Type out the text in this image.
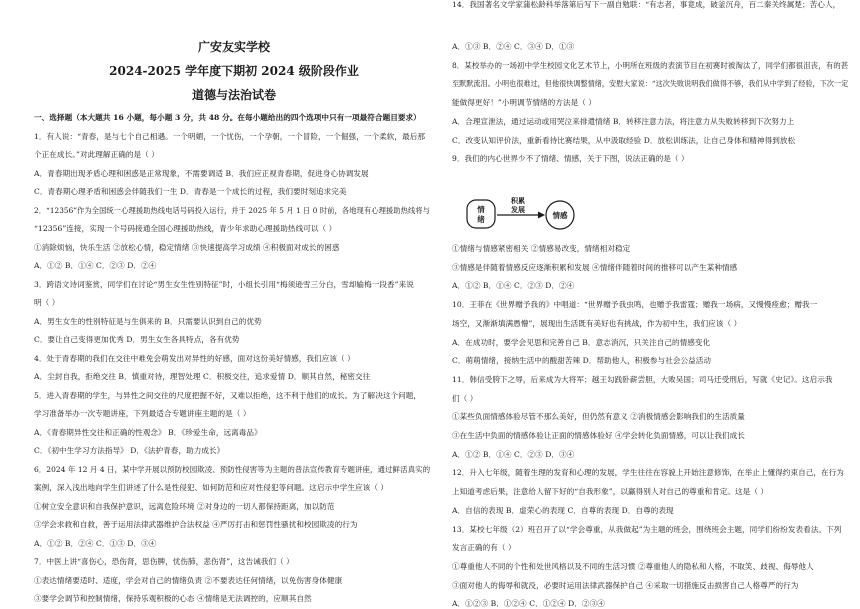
广安友实学校
2024-2025 学年度下期初 2024 级阶段作业
道德与法治试卷
一、选择题（本大题共 16 小题，每小题 3 分，共 48 分。在每小题给出的四个选项中只有一项最符合题目要求）
1．有人说：“青春，是与七个自己相遇。一个明媚，一个忧伤，一个孕朝，一个冒险，一个倔强，一个柔软，最后那
个正在成长。”对此理解正确的是（ ）
A．青春期出现矛盾心理和困惑是正常现象，不需要调适 B．我们应正视青春期，促进身心协调发展
C．青春期心理矛盾和困惑会伴随我们一生 D．青春是一个成长的过程，我们要时刻追求完美
2．“12356”作为全国统一心理援助热线电话号码投入运行，并于 2025 年 5 月 1 日 0 时前，各地现有心理援助热线将与
“12356”连接，实现一个号码接通全国心理援助热线，青少年求助心理援助热线可以（ ）
①消除烦恼，快乐生活 ②放松心情，稳定情绪 ③快速提高学习成绩 ④积极面对成长的困惑
A．①② B．①④ C．②③ D．②④
3．跨语文诗词鉴赏，同学们在讨论“男生女生性别特征”时，小组长引用“梅须逊雪三分白，雪却输梅一段香”来说
明（ ）
A．男生女生的性别特征是与生俱来的 B．只需要认识到自己的优势
C．要让自己变得更加优秀 D．男生女生各具特点，各有优势
4．处于青春期的我们在交往中难免会萌发出对异性的好感，面对这份美好情感，我们应该（ ）
A．尘封自我，拒绝交往 B．慎重对待，理智处理 C．积极交往，追求爱情 D．顺其自然，秘密交往
5．进入青春期的学生，与异性之间交往的尺度把握不好，又难以拒绝，这不利于他们的成长。为了解决这个问题，
学习准备举办一次专题讲座，下列最适合专题讲座主题的是（ ）
A．《青春期异性交往和正确的性观念》 B．《珍爱生命，远离毒品》
C．《初中生学习方法指导》 D．《法护青春，助力成长》
6．2024 年 12 月 4 日，某中学开展以预防校园欺凌、预防性侵害等为主题的普法宣传教育专题讲座，通过鲜活真实的
案例，深入浅出地向学生们讲述了什么是性侵犯、如何防范和应对性侵犯等问题。这启示中学生应该（ ）
①树立安全意识和自我保护意识，远离危险环境 ②对身边的一切人都保持距离，加以防范
③学会求救和自救，善于运用法律武器维护合法权益 ④严厉打击和惩罚性骚扰和校园欺凌的行为
A．①② B．②④ C．①③ D．③④
7．中医上讲“喜伤心，恐伤肾，思伤脾，忧伤肺，悲伤肾”，这告诫我们（ ）
①表达情绪要适时、适度，学会对自己的情绪负责 ②不要表达任何情绪，以免伤害身体健康
③要学会调节和控制情绪，保持乐观积极的心态 ④情绪是无法调控的，应顺其自然
A．①③ B．②④ C．③④ D．①③
8．某校举办的一场初中学生校园文化艺术节上，小明所在班级的表演节目在初赛时被淘汰了，同学们都很沮丧，有的甚
至默默流泪。小明也很难过，但他很快调整情绪，安慰大家说：“这次失败说明我们做得不够，我们从中学到了经验，下次一定
能做得更好！”小明调节情绪的方法是（ ）
A．合理宣泄法，通过运动或用哭泣来排遣情绪 B．转移注意力法，将注意力从失败转移到下次努力上
C．改变认知评价法，重新看待比赛结果，从中汲取经验 D．放松训练法，让自己身体和精神得到放松
9．我们的内心世界少不了情绪、情感，关于下图，说法正确的是（ ）
①情绪与情感紧密相关 ②情感易改变，情绪相对稳定
③情感是伴随着情感反应逐渐积累和发展 ④情绪伴随着时间的推移可以产生某种情感
A．①② B．①④ C．②③ D．②④
10．王菲在《世界赠予我的》中唱道：“世界赠予我虫鸣，也赠予我雷霆；赠我一场病，又慢慢痊愈；赠我一
场空，又渐渐填满愚懵”，展现出生活既有美好也有挑战，作为初中生，我们应该（ ）
A．在成功时，要学会见思和完善自己 B．意志消沉，只关注自己的情感变化
C．萌萌情绪，接纳生活中的酸甜苦辣 D．帮助他人，积极参与社会公益活动
11．韩信受胯下之辱，后来成为大将军；越王勾践卧薪尝胆，大败吴国；司马迁受刑后，写就《史记》。这启示我
们（ ）
①某些负面情感体验尽管不那么美好，但仍然有意义 ②消极情感会影响我们的生活质量
③在生活中负面的情感体验让正面的情感体验好 ④学会转化负面情感，可以让我们成长
A．①② B．①④ C．②③ D．③④
12．升入七年级，随着生理的发育和心理的发展，学生往往在容貌上开始注意修饰，在举止上懂得约束自己，在行为
上知道考虑后果，注意给人留下好的“自我形象”，以赢得别人对自己的尊重和肯定。这是（ ）
A．自信的表现 B．虚荣心的表现 C．自尊的表现 D．自尊的表现
13．某校七年级（2）班召开了以“学会尊重，从我做起”为主题的班会，围绕班会主题，同学们纷纷发表看法。下列
发言正确的有（ ）
①尊重他人不同的个性和处世风格以及不同的生活习惯 ②尊重他人的隐私和人格，不取笑、歧视、侮辱他人
③面对他人的侮辱和就没，必要时运用法律武器保护自己 ④采取一切措施反击损害自己人格尊严的行为
A．①②③ B．①②④ C．①②④ D．②③④
14．我国著名文学家蒲松龄科举落第后写下一副自勉联：“有志者，事竟成，破釜沉舟，百二秦关终属楚；苦心人，
情
绪
积累
发展
情感
